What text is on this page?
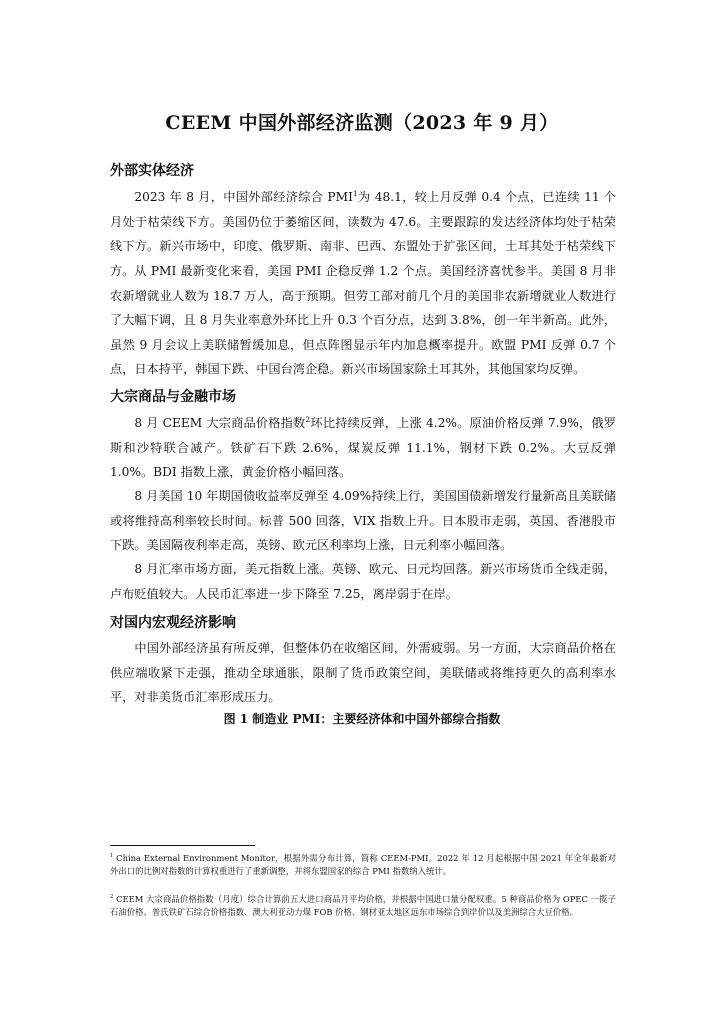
CEEM 中国外部经济监测（2023 年 9 月）
外部实体经济

2023 年 8 月，中国外部经济综合 PMI$^1$为 48.1，较上月反弹 0.4 个点，已连续 11 个月处于枯荣线下方。美国仍位于萎缩区间，读数为 47.6。主要跟踪的发达经济体均处于枯荣线下方。新兴市场中，印度、俄罗斯、南非、巴西、东盟处于扩张区间，土耳其处于枯荣线下方。 从 PMI 最新变化来看，美国 PMI 企稳反弹 1.2 个点。美国经济喜忧参半。美国 8 月非农新增就业人数为 18.7 万人，高于预期。但劳工部对前几个月的美国非农新增就业人数进行了大幅下调，且 8 月失业率意外环比上升 0.3 个百分点，达到 3.8%，创一年半新高。此外，虽然 9 月会议上美联储暂缓加息，但点阵图显示年内加息概率提升。欧盟 PMI 反弹 0.7 个点，日本持平，韩国下跌、中国台湾企稳。新兴市场国家除土耳其外，其他国家均反弹。

大宗商品与金融市场

8 月 CEEM 大宗商品价格指数$^2$环比持续反弹，上涨 4.2%。原油价格反弹 7.9%，俄罗斯和沙特联合减产。铁矿石下跌 2.6%，煤炭反弹 11.1%，钢材下跌 0.2%。大豆反弹 1.0%。BDI 指数上涨，黄金价格小幅回落。

8 月美国 10 年期国债收益率反弹至 4.09%持续上行，美国国债新增发行量新高且美联储或将维持高利率较长时间。标普 500 回落，VIX 指数上升。日本股市走弱，英国、香港股市下跌。美国隔夜利率走高，英镑、欧元区利率均上涨，日元利率小幅回落。

8 月汇率市场方面，美元指数上涨。英镑、欧元、日元均回落。新兴市场货币全线走弱，卢布贬值较大。人民币汇率进一步下降至 7.25，离岸弱于在岸。

对国内宏观经济影响

中国外部经济虽有所反弹，但整体仍在收缩区间，外需疲弱。另一方面，大宗商品价格在供应端收紧下走强，推动全球通胀，限制了货币政策空间，美联储或将维持更久的高利率水平，对非美货币汇率形成压力。

图 1 制造业 PMI：主要经济体和中国外部综合指数

$^1$ China External Environment Monitor，根据外需分布计算，简称 CEEM-PMI。2022 年 12 月起根据中国 2021 年全年最新对外出口的比例对指数的计算权重进行了重新调整，并将东盟国家的综合 PMI 指数纳入统计。

$^2$ CEEM 大宗商品价格指数（月度）综合计算前五大进口商品月平均价格，并根据中国进口量分配权重。5 种商品价格为 OPEC 一揽子石油价格、普氏铁矿石综合价格指数、澳大利亚动力煤 FOB 价格、钢材亚太地区远东市场综合到岸价以及美洲综合大豆价格。
